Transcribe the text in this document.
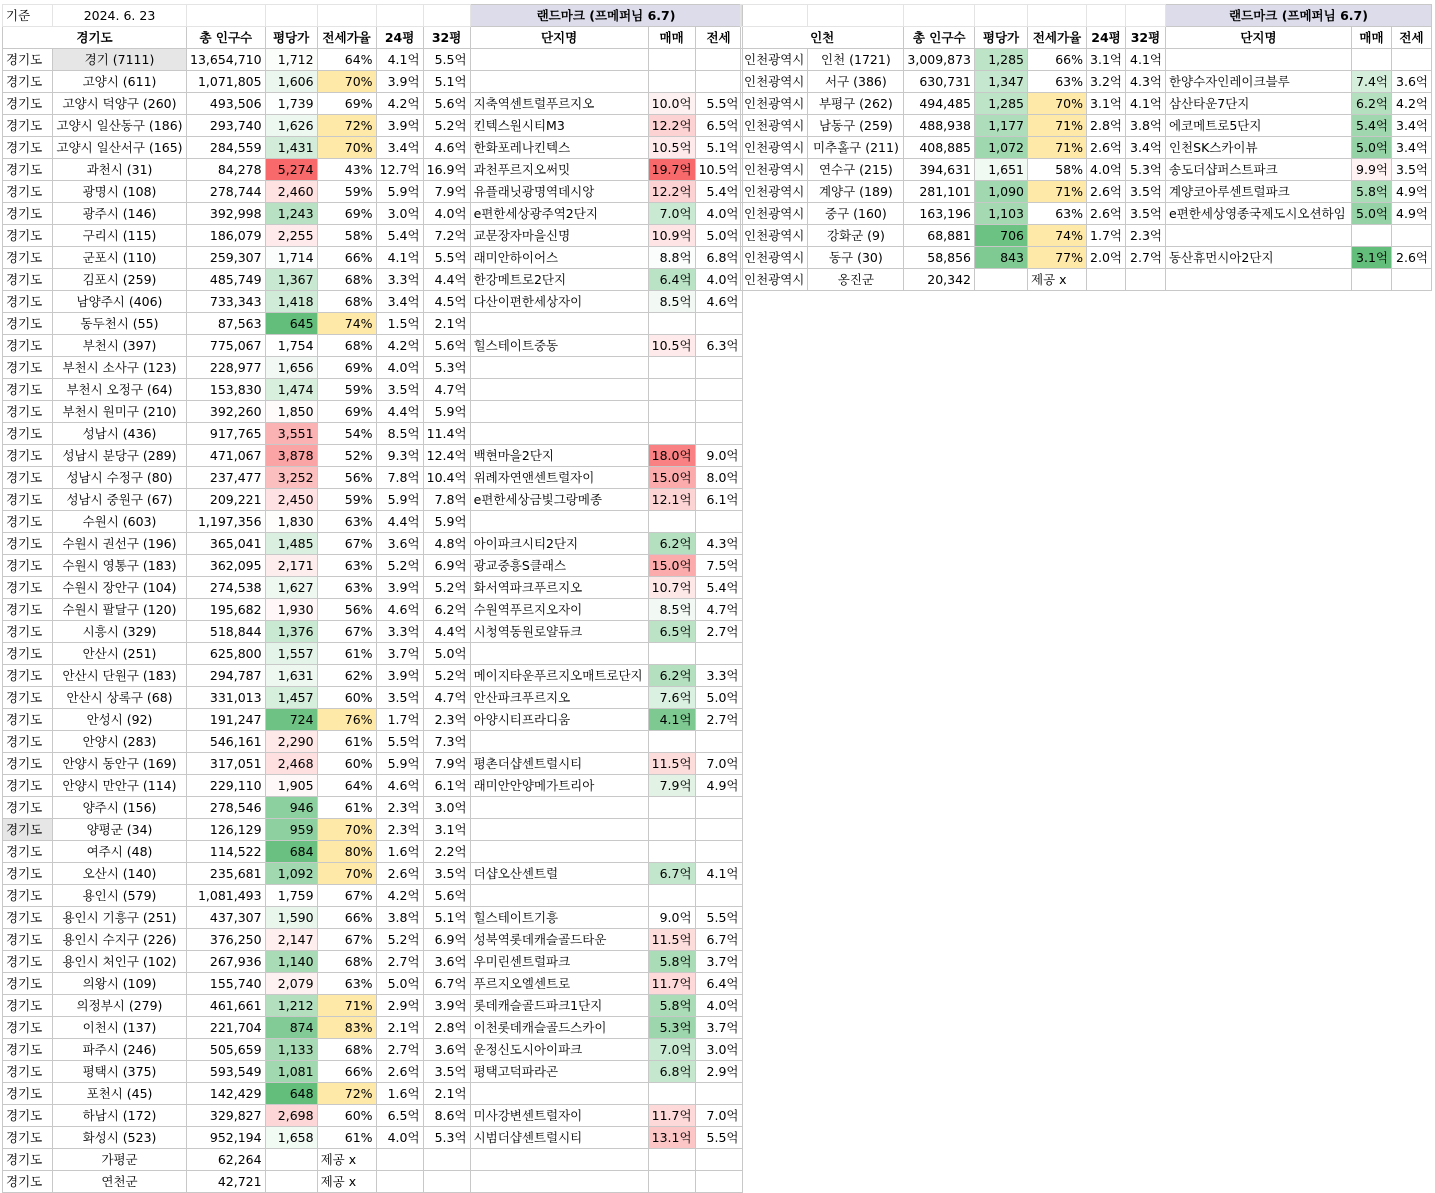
기준	2024. 6. 23						랜드마크 (프메퍼님 6.7)		
경기도		총 인구수	평당가	전세가율	24평	32평	단지명	매매	전세
경기도	경기 (7111)	13,654,710	1,712	64%	4.1억	5.5억			
경기도	고양시 (611)	1,071,805	1,606	70%	3.9억	5.1억			
경기도	고양시 덕양구 (260)	493,506	1,739	69%	4.2억	5.6억	지축역센트럴푸르지오	10.0억	5.5억
경기도	고양시 일산동구 (186)	293,740	1,626	72%	3.9억	5.2억	킨텍스원시티M3	12.2억	6.5억
경기도	고양시 일산서구 (165)	284,559	1,431	70%	3.4억	4.6억	한화포레나킨텍스	10.5억	5.1억
경기도	과천시 (31)	84,278	5,274	43%	12.7억	16.9억	과천푸르지오써밋	19.7억	10.5억
경기도	광명시 (108)	278,744	2,460	59%	5.9억	7.9억	유플래닛광명역데시앙	12.2억	5.4억
경기도	광주시 (146)	392,998	1,243	69%	3.0억	4.0억	e편한세상광주역2단지	7.0억	4.0억
경기도	구리시 (115)	186,079	2,255	58%	5.4억	7.2억	교문장자마을신명	10.9억	5.0억
경기도	군포시 (110)	259,307	1,714	66%	4.1억	5.5억	래미안하이어스	8.8억	6.8억
경기도	김포시 (259)	485,749	1,367	68%	3.3억	4.4억	한강메트로2단지	6.4억	4.0억
경기도	남양주시 (406)	733,343	1,418	68%	3.4억	4.5억	다산이편한세상자이	8.5억	4.6억
경기도	동두천시 (55)	87,563	645	74%	1.5억	2.1억			
경기도	부천시 (397)	775,067	1,754	68%	4.2억	5.6억	힐스테이트중동	10.5억	6.3억
경기도	부천시 소사구 (123)	228,977	1,656	69%	4.0억	5.3억			
경기도	부천시 오정구 (64)	153,830	1,474	59%	3.5억	4.7억			
경기도	부천시 원미구 (210)	392,260	1,850	69%	4.4억	5.9억			
경기도	성남시 (436)	917,765	3,551	54%	8.5억	11.4억			
경기도	성남시 분당구 (289)	471,067	3,878	52%	9.3억	12.4억	백현마을2단지	18.0억	9.0억
경기도	성남시 수정구 (80)	237,477	3,252	56%	7.8억	10.4억	위례자연앤센트럴자이	15.0억	8.0억
경기도	성남시 중원구 (67)	209,221	2,450	59%	5.9억	7.8억	e편한세상금빛그랑메종	12.1억	6.1억
경기도	수원시 (603)	1,197,356	1,830	63%	4.4억	5.9억			
경기도	수원시 권선구 (196)	365,041	1,485	67%	3.6억	4.8억	아이파크시티2단지	6.2억	4.3억
경기도	수원시 영통구 (183)	362,095	2,171	63%	5.2억	6.9억	광교중흥S클래스	15.0억	7.5억
경기도	수원시 장안구 (104)	274,538	1,627	63%	3.9억	5.2억	화서역파크푸르지오	10.7억	5.4억
경기도	수원시 팔달구 (120)	195,682	1,930	56%	4.6억	6.2억	수원역푸르지오자이	8.5억	4.7억
경기도	시흥시 (329)	518,844	1,376	67%	3.3억	4.4억	시청역동원로얄듀크	6.5억	2.7억
경기도	안산시 (251)	625,800	1,557	61%	3.7억	5.0억			
경기도	안산시 단원구 (183)	294,787	1,631	62%	3.9억	5.2억	메이지타운푸르지오매트로단지	6.2억	3.3억
경기도	안산시 상록구 (68)	331,013	1,457	60%	3.5억	4.7억	안산파크푸르지오	7.6억	5.0억
경기도	안성시 (92)	191,247	724	76%	1.7억	2.3억	아양시티프라디움	4.1억	2.7억
경기도	안양시 (283)	546,161	2,290	61%	5.5억	7.3억			
경기도	안양시 동안구 (169)	317,051	2,468	60%	5.9억	7.9억	평촌더샵센트럴시티	11.5억	7.0억
경기도	안양시 만안구 (114)	229,110	1,905	64%	4.6억	6.1억	래미안안양메가트리아	7.9억	4.9억
경기도	양주시 (156)	278,546	946	61%	2.3억	3.0억			
경기도	양평군 (34)	126,129	959	70%	2.3억	3.1억			
경기도	여주시 (48)	114,522	684	80%	1.6억	2.2억			
경기도	오산시 (140)	235,681	1,092	70%	2.6억	3.5억	더샵오산센트럴	6.7억	4.1억
경기도	용인시 (579)	1,081,493	1,759	67%	4.2억	5.6억			
경기도	용인시 기흥구 (251)	437,307	1,590	66%	3.8억	5.1억	힐스테이트기흥	9.0억	5.5억
경기도	용인시 수지구 (226)	376,250	2,147	67%	5.2억	6.9억	성북역롯데캐슬골드타운	11.5억	6.7억
경기도	용인시 처인구 (102)	267,936	1,140	68%	2.7억	3.6억	우미린센트럴파크	5.8억	3.7억
경기도	의왕시 (109)	155,740	2,079	63%	5.0억	6.7억	푸르지오엘센트로	11.7억	6.4억
경기도	의정부시 (279)	461,661	1,212	71%	2.9억	3.9억	롯데캐슬골드파크1단지	5.8억	4.0억
경기도	이천시 (137)	221,704	874	83%	2.1억	2.8억	이천롯데캐슬골드스카이	5.3억	3.7억
경기도	파주시 (246)	505,659	1,133	68%	2.7억	3.6억	운정신도시아이파크	7.0억	3.0억
경기도	평택시 (375)	593,549	1,081	66%	2.6억	3.5억	평택고덕파라곤	6.8억	2.9억
경기도	포천시 (45)	142,429	648	72%	1.6억	2.1억			
경기도	하남시 (172)	329,827	2,698	60%	6.5억	8.6억	미사강변센트럴자이	11.7억	7.0억
경기도	화성시 (523)	952,194	1,658	61%	4.0억	5.3억	시범더샵센트럴시티	13.1억	5.5억
경기도	가평군	62,264		제공 x					
경기도	연천군	42,721		제공 x					
							랜드마크 (프메퍼님 6.7)		
인천		총 인구수	평당가	전세가율	24평	32평	단지명	매매	전세
인천광역시	인천 (1721)	3,009,873	1,285	66%	3.1억	4.1억			
인천광역시	서구 (386)	630,731	1,347	63%	3.2억	4.3억	한양수자인레이크블루	7.4억	3.6억
인천광역시	부평구 (262)	494,485	1,285	70%	3.1억	4.1억	삼산타운7단지	6.2억	4.2억
인천광역시	남동구 (259)	488,938	1,177	71%	2.8억	3.8억	에코메트로5단지	5.4억	3.4억
인천광역시	미추홀구 (211)	408,885	1,072	71%	2.6억	3.4억	인천SK스카이뷰	5.0억	3.4억
인천광역시	연수구 (215)	394,631	1,651	58%	4.0억	5.3억	송도더샵퍼스트파크	9.9억	3.5억
인천광역시	계양구 (189)	281,101	1,090	71%	2.6억	3.5억	계양코아루센트럴파크	5.8억	4.9억
인천광역시	중구 (160)	163,196	1,103	63%	2.6억	3.5억	e편한세상영종국제도시오션하임	5.0억	4.9억
인천광역시	강화군 (9)	68,881	706	74%	1.7억	2.3억			
인천광역시	동구 (30)	58,856	843	77%	2.0억	2.7억	동산휴먼시아2단지	3.1억	2.6억
인천광역시	옹진군	20,342		제공 x					
